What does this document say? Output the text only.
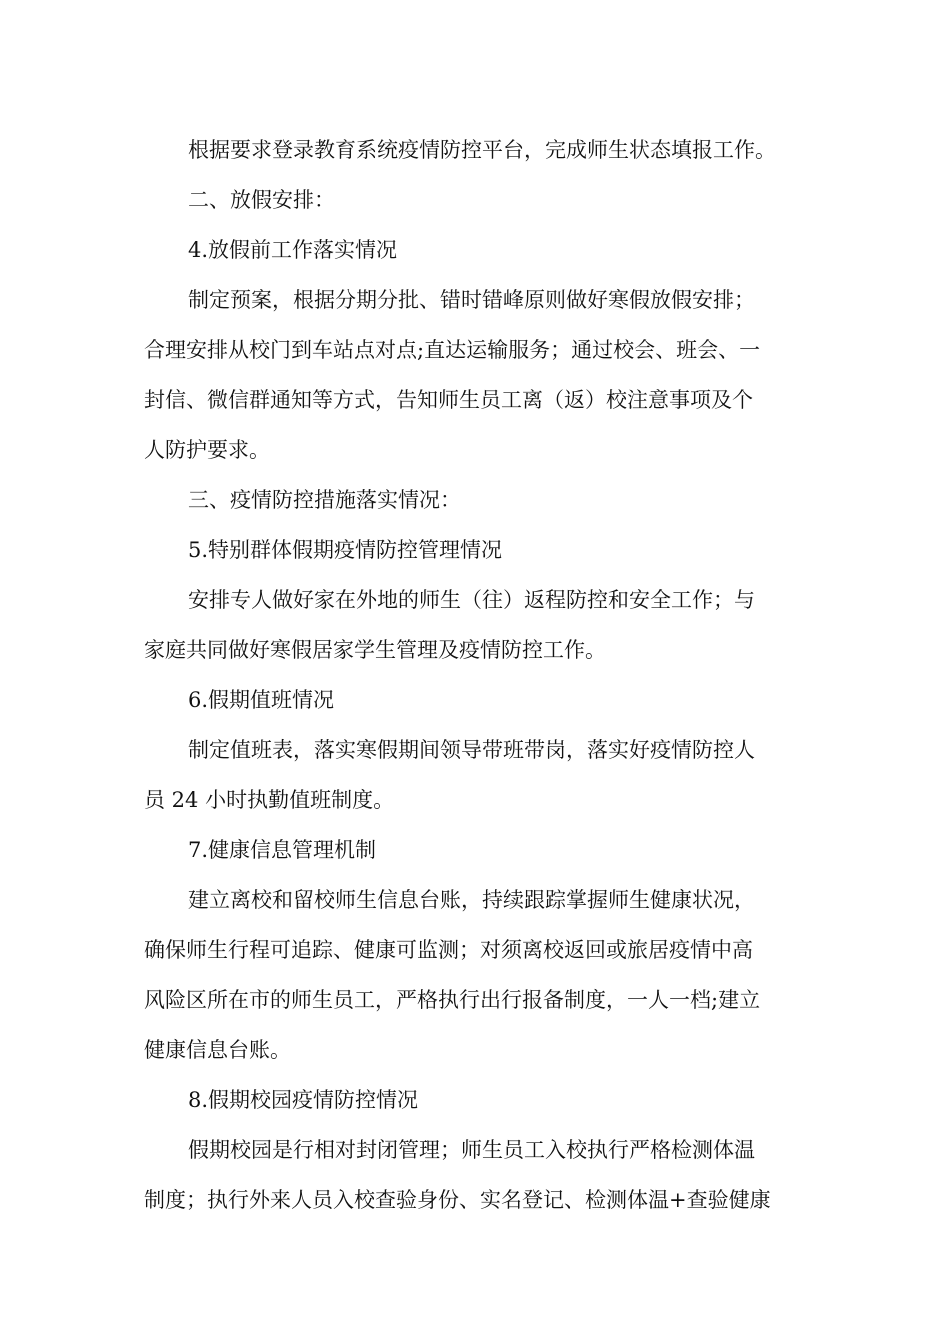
根据要求登录教育系统疫情防控平台，完成师生状态填报工作。
二、放假安排：
4.放假前工作落实情况
制定预案，根据分期分批、错时错峰原则做好寒假放假安排；
合理安排从校门到车站点对点;直达运输服务；通过校会、班会、一
封信、微信群通知等方式，告知师生员工离（返）校注意事项及个
人防护要求。
三、疫情防控措施落实情况：
5.特别群体假期疫情防控管理情况
安排专人做好家在外地的师生（往）返程防控和安全工作；与
家庭共同做好寒假居家学生管理及疫情防控工作。
6.假期值班情况
制定值班表，落实寒假期间领导带班带岗，落实好疫情防控人
员 24 小时执勤值班制度。
7.健康信息管理机制
建立离校和留校师生信息台账，持续跟踪掌握师生健康状况，
确保师生行程可追踪、健康可监测；对须离校返回或旅居疫情中高
风险区所在市的师生员工，严格执行出行报备制度，一人一档;建立
健康信息台账。
8.假期校园疫情防控情况
假期校园是行相对封闭管理；师生员工入校执行严格检测体温
制度；执行外来人员入校查验身份、实名登记、检测体温+查验健康
